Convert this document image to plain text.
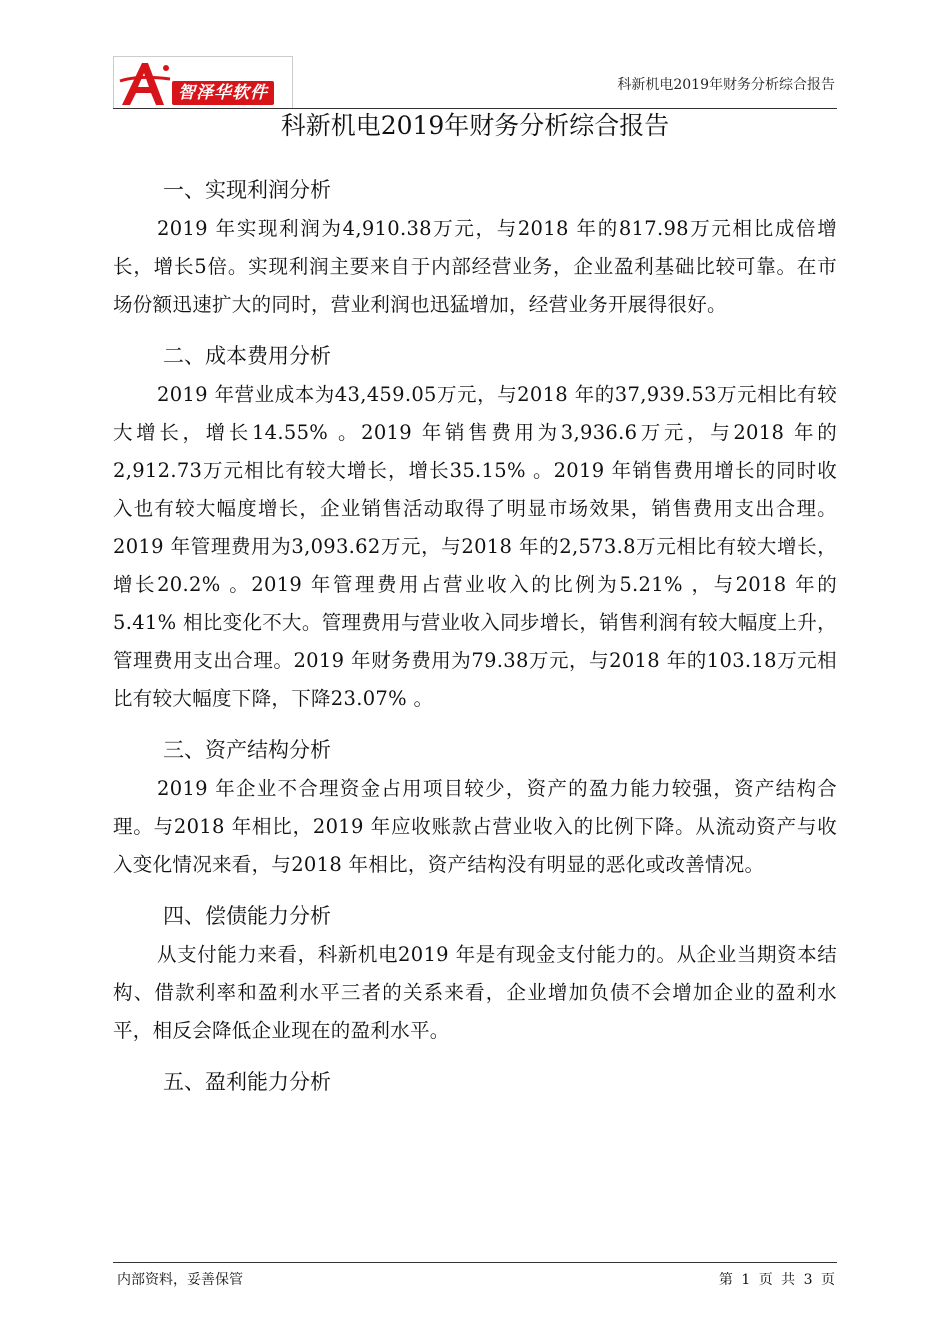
智泽华软件	科新机电2019年财务分析综合报告
科新机电2019年财务分析综合报告
一、实现利润分析

2019 年实现利润为4,910.38万元，与2018 年的817.98万元相比成倍增长，增长5倍。实现利润主要来自于内部经营业务，企业盈利基础比较可靠。在市场份额迅速扩大的同时，营业利润也迅猛增加，经营业务开展得很好。

二、成本费用分析

2019 年营业成本为43,459.05万元，与2018 年的37,939.53万元相比有较大增长，增长14.55% 。2019 年销售费用为3,936.6万元，与2018 年的2,912.73万元相比有较大增长，增长35.15% 。2019 年销售费用增长的同时收入也有较大幅度增长，企业销售活动取得了明显市场效果，销售费用支出合理。2019 年管理费用为3,093.62万元，与2018 年的2,573.8万元相比有较大增长，增长20.2% 。2019 年管理费用占营业收入的比例为5.21% ，与2018 年的5.41% 相比变化不大。管理费用与营业收入同步增长，销售利润有较大幅度上升，管理费用支出合理。2019 年财务费用为79.38万元，与2018 年的103.18万元相比有较大幅度下降，下降23.07% 。

三、资产结构分析

2019 年企业不合理资金占用项目较少，资产的盈力能力较强，资产结构合理。与2018 年相比，2019 年应收账款占营业收入的比例下降。从流动资产与收入变化情况来看，与2018 年相比，资产结构没有明显的恶化或改善情况。

四、偿债能力分析

从支付能力来看，科新机电2019 年是有现金支付能力的。从企业当期资本结构、借款利率和盈利水平三者的关系来看，企业增加负债不会增加企业的盈利水平，相反会降低企业现在的盈利水平。

五、盈利能力分析
内部资料，妥善保管	第 1 页 共 3 页
